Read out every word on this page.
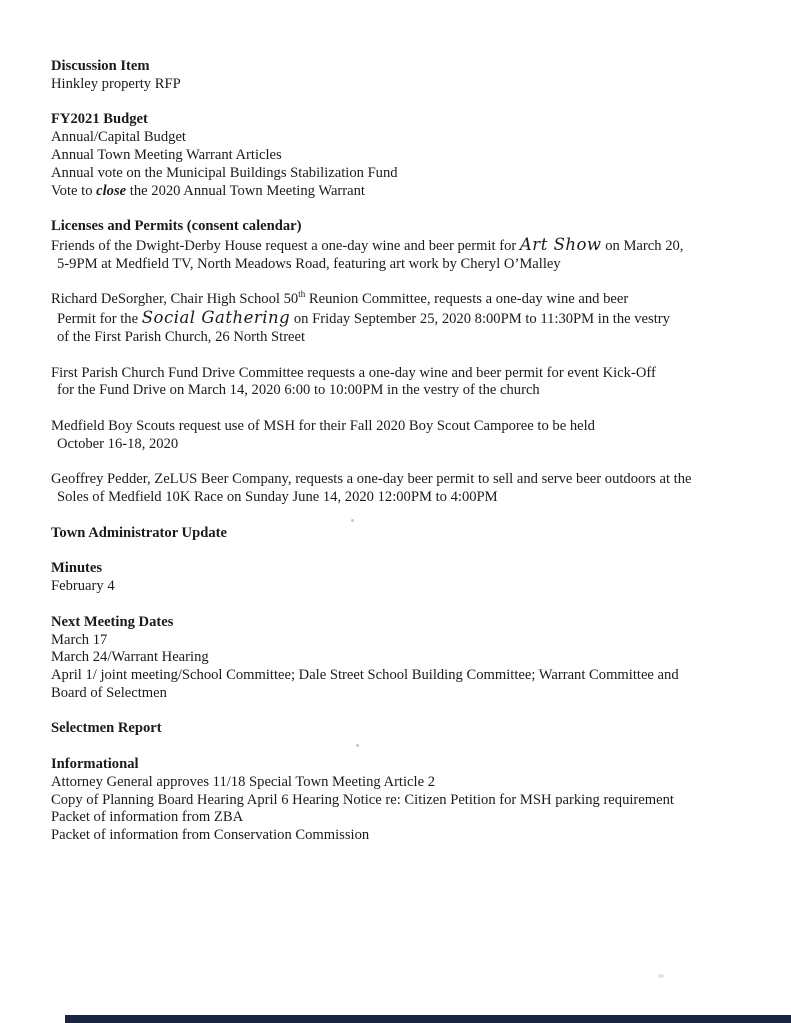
Discussion Item
Hinkley property RFP
FY2021 Budget
Annual/Capital Budget
Annual Town Meeting Warrant Articles
Annual vote on the Municipal Buildings Stabilization Fund
Vote to close the 2020 Annual Town Meeting Warrant
Licenses and Permits (consent calendar)
Friends of the Dwight-Derby House request a one-day wine and beer permit for Art Show on March 20,
5-9PM at Medfield TV, North Meadows Road, featuring art work by Cheryl O’Malley
Richard DeSorgher, Chair High School 50th Reunion Committee, requests a one-day wine and beer
Permit for the Social Gathering on Friday September 25, 2020 8:00PM to 11:30PM in the vestry
of the First Parish Church, 26 North Street
First Parish Church Fund Drive Committee requests a one-day wine and beer permit for event Kick-Off
for the Fund Drive on March 14, 2020 6:00 to 10:00PM in the vestry of the church
Medfield Boy Scouts request use of MSH for their Fall 2020 Boy Scout Camporee to be held
October 16-18, 2020
Geoffrey Pedder, ZeLUS Beer Company, requests a one-day beer permit to sell and serve beer outdoors at the
Soles of Medfield 10K Race on Sunday June 14, 2020 12:00PM to 4:00PM
Town Administrator Update
Minutes
February 4
Next Meeting Dates
March 17
March 24/Warrant Hearing
April 1/ joint meeting/School Committee; Dale Street School Building Committee; Warrant Committee and
Board of Selectmen
Selectmen Report
Informational
Attorney General approves 11/18 Special Town Meeting Article 2
Copy of Planning Board Hearing April 6 Hearing Notice re: Citizen Petition for MSH parking requirement
Packet of information from ZBA
Packet of information from Conservation Commission
